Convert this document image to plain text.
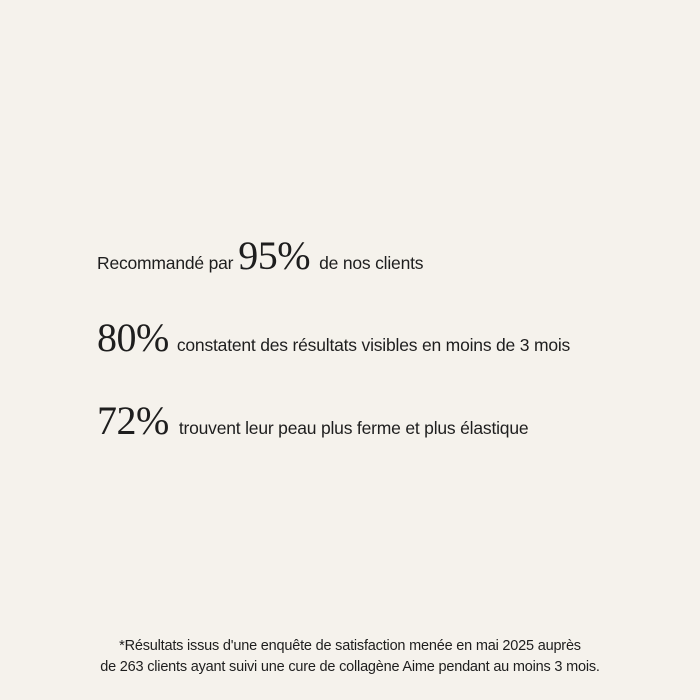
Recommandé par 95% de nos clients
80% constatent des résultats visibles en moins de 3 mois
72% trouvent leur peau plus ferme et plus élastique
*Résultats issus d'une enquête de satisfaction menée en mai 2025 auprès
de 263 clients ayant suivi une cure de collagène Aime pendant au moins 3 mois.
